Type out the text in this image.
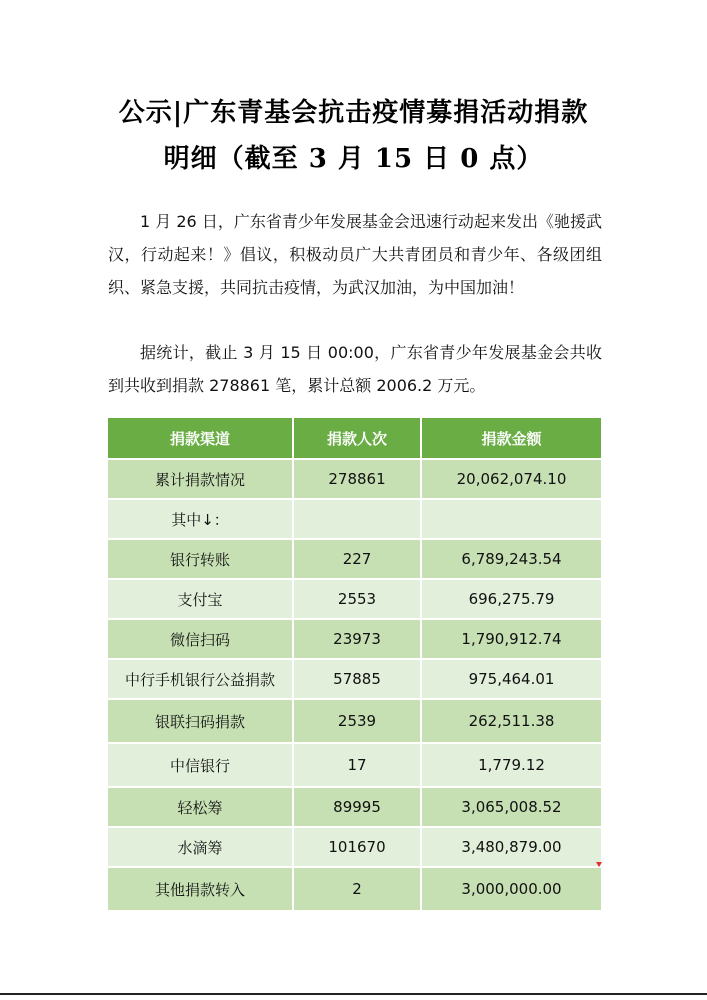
公示|广东青基会抗击疫情募捐活动捐款
明细（截至 3 月 15 日 0 点）

1 月 26 日，广东省青少年发展基金会迅速行动起来发出《驰援武汉，行动起来！》倡议，积极动员广大共青团员和青少年、各级团组织、紧急支援，共同抗击疫情，为武汉加油，为中国加油！

据统计，截止 3 月 15 日 00:00，广东省青少年发展基金会共收到共收到捐款 278861 笔，累计总额 2006.2 万元。

捐款渠道	捐款人次	捐款金额
累计捐款情况	278861	20,062,074.10
其中↓：		
银行转账	227	6,789,243.54
支付宝	2553	696,275.79
微信扫码	23973	1,790,912.74
中行手机银行公益捐款	57885	975,464.01
银联扫码捐款	2539	262,511.38
中信银行	17	1,779.12
轻松筹	89995	3,065,008.52
水滴筹	101670	3,480,879.00
其他捐款转入	2	3,000,000.00
